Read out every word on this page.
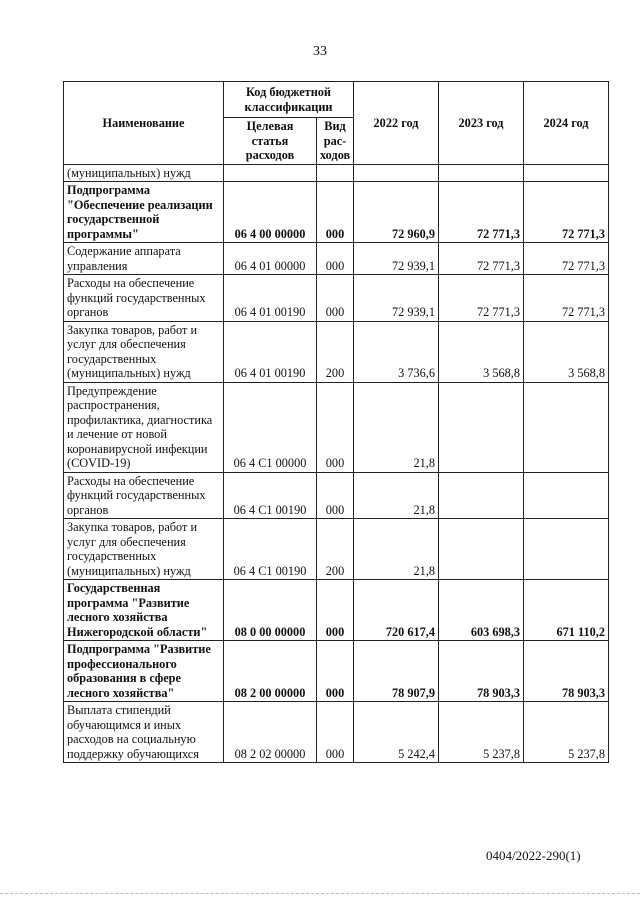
33
Наименование	Код бюджетной классификации		2022 год	2023 год	2024 год
	Целевая статья расходов	Вид рас-ходов			
(муниципальных) нужд					
Подпрограмма "Обеспечение реализации государственной программы"	06 4 00 00000	000	72 960,9	72 771,3	72 771,3
Содержание аппарата управления	06 4 01 00000	000	72 939,1	72 771,3	72 771,3
Расходы на обеспечение функций государственных органов	06 4 01 00190	000	72 939,1	72 771,3	72 771,3
Закупка товаров, работ и услуг для обеспечения государственных (муниципальных) нужд	06 4 01 00190	200	3 736,6	3 568,8	3 568,8
Предупреждение распространения, профилактика, диагностика и лечение от новой коронавирусной инфекции (COVID-19)	06 4 C1 00000	000	21,8		
Расходы на обеспечение функций государственных органов	06 4 C1 00190	000	21,8		
Закупка товаров, работ и услуг для обеспечения государственных (муниципальных) нужд	06 4 C1 00190	200	21,8		
Государственная программа "Развитие лесного хозяйства Нижегородской области"	08 0 00 00000	000	720 617,4	603 698,3	671 110,2
Подпрограмма "Развитие профессионального образования в сфере лесного хозяйства"	08 2 00 00000	000	78 907,9	78 903,3	78 903,3
Выплата стипендий обучающимся и иных расходов на социальную поддержку обучающихся	08 2 02 00000	000	5 242,4	5 237,8	5 237,8
0404/2022-290(1)
